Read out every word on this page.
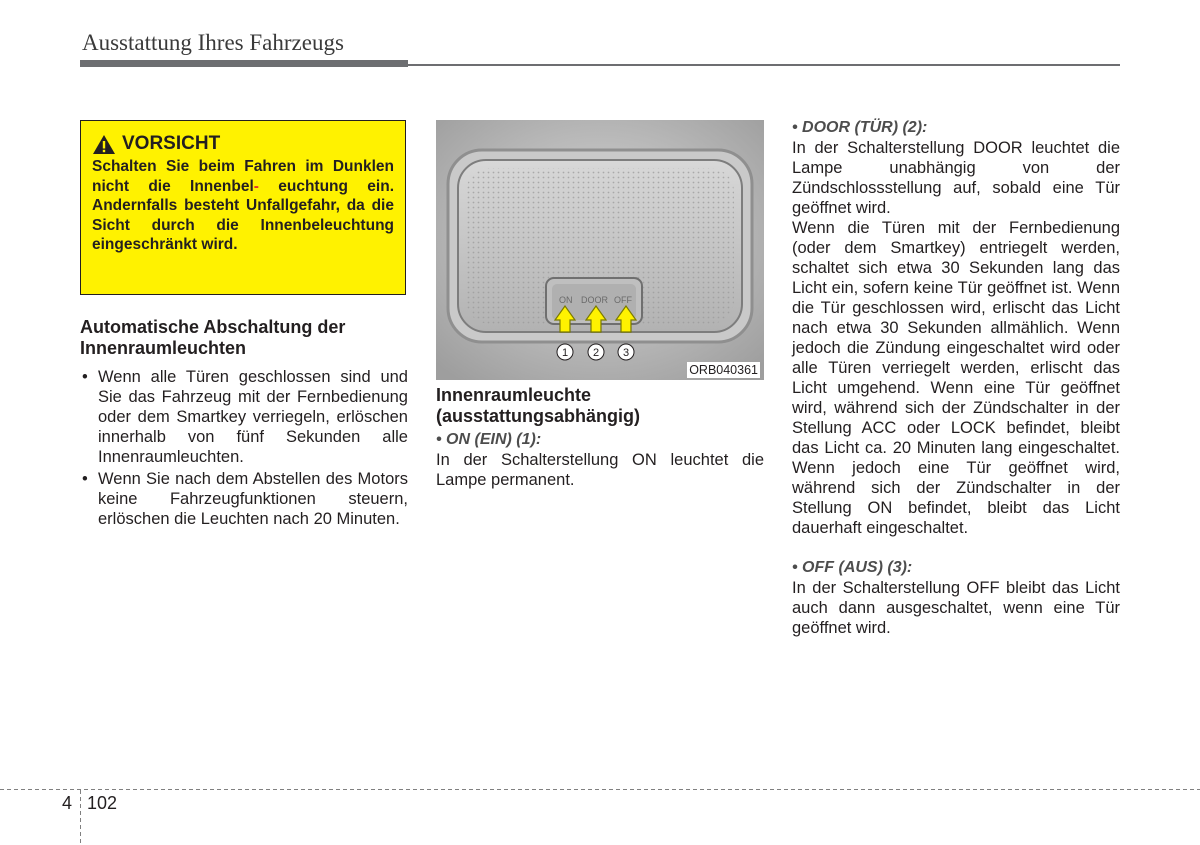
Ausstattung Ihres Fahrzeugs
VORSICHT
Schalten Sie beim Fahren im Dunklen nicht die Innenbel- euchtung ein. Andernfalls besteht Unfallgefahr, da die Sicht durch die Innenbeleuchtung eingeschränkt wird.
Automatische Abschaltung der Innenraumleuchten
• Wenn alle Türen geschlossen sind und Sie das Fahrzeug mit der Fernbedienung oder dem Smartkey verriegeln, erlöschen innerhalb von fünf Sekunden alle Innenraumleuchten.
• Wenn Sie nach dem Abstellen des Motors keine Fahrzeugfunktionen steuern, erlöschen die Leuchten nach 20 Minuten.
ON DOOR OFF
1 2 3
ORB040361
Innenraumleuchte (ausstattungsabhängig)
• ON (EIN) (1):
In der Schalterstellung ON leuchtet die Lampe permanent.
• DOOR (TÜR) (2):
In der Schalterstellung DOOR leuchtet die Lampe unabhängig von der Zündschlossstellung auf, sobald eine Tür geöffnet wird.
Wenn die Türen mit der Fernbedienung (oder dem Smartkey) entriegelt werden, schaltet sich etwa 30 Sekunden lang das Licht ein, sofern keine Tür geöffnet ist. Wenn die Tür geschlossen wird, erlischt das Licht nach etwa 30 Sekunden allmählich. Wenn jedoch die Zündung eingeschaltet wird oder alle Türen verriegelt werden, erlischt das Licht umgehend. Wenn eine Tür geöffnet wird, während sich der Zündschalter in der Stellung ACC oder LOCK befindet, bleibt das Licht ca. 20 Minuten lang eingeschaltet. Wenn jedoch eine Tür geöffnet wird, während sich der Zündschalter in der Stellung ON befindet, bleibt das Licht dauerhaft eingeschaltet.
• OFF (AUS) (3):
In der Schalterstellung OFF bleibt das Licht auch dann ausgeschaltet, wenn eine Tür geöffnet wird.
4 102
